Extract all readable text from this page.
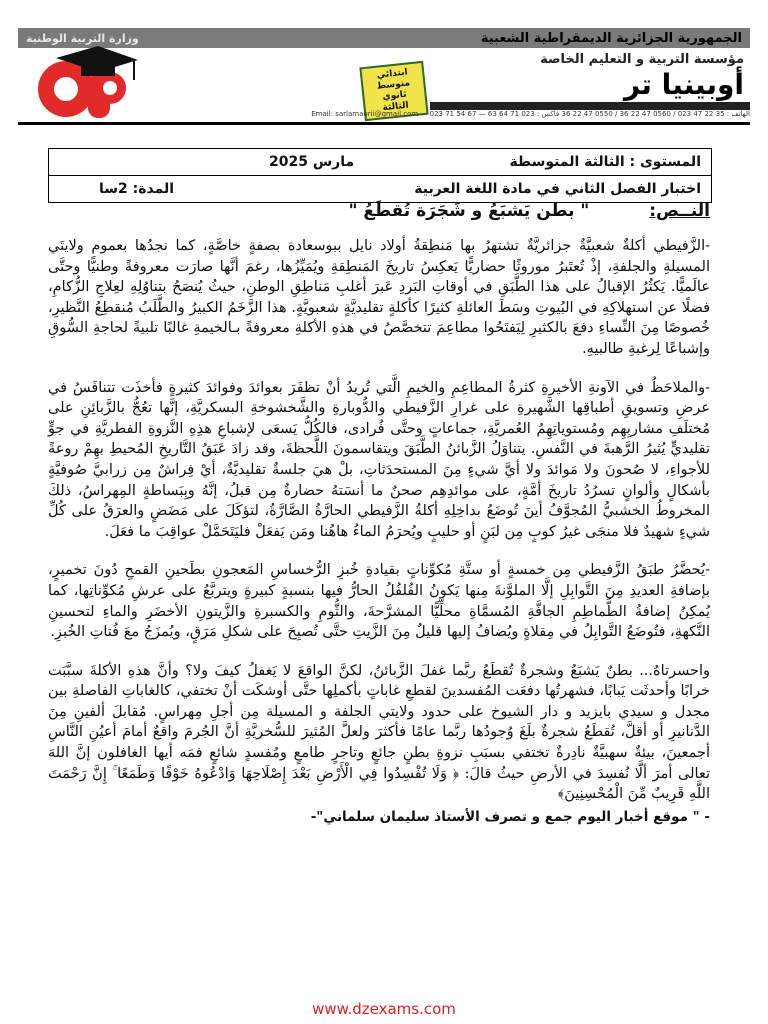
وزارة التربية الوطنية	الجمهورية الجزائرية الديمقراطية الشعبية
ابتدائي
متوسط
ثانوي
الثالثة
مؤسسة التربية و التعليم الخاصة
أوبينيا تر
الهاتف : 35 22 47 023 / 0560 47 22 36 / 0550 47 22 36 فاكس : 023 71 64 63 — Email: sarlamaurii@gmail.com — 023 71 54 67
المستوى : الثالثة المتوسطة
مارس 2025
اختبار الفصل الثاني في مادة اللغة العربية
المدة: 2سا
النــص:
" بطن يَشبَعُ و شَجَرَة تُقطَعُ "

-الزَّفيطي أكلةٌ شعبيَّةٌ جزائريَّةٌ تشتهرُ بها مَنطِقةُ أولاد نايل ببوسعادة بصفةٍ خاصَّةٍ، كما نجدُها بعموم ولايتَي المسيلةِ والجلفةِ، إذْ تُعتَبرُ موروثًا حضاريًّا يَعكِسُ تاريخَ المَنطِقةِ ويُمَيِّزُها، رغمَ أنَّها صارَت معروفةً وطنيًّا وحتَّى عالَميًّا. يَكثُرُ الإقبالُ على هذا الطَّبَقِ في أوقاتِ البَردِ عَبرَ أغلبِ مَناطِقِ الوطنِ، حيثُ يُنصَحُ بتناوُلِهِ لعِلاجِ الزُّكامِ، فضلًا عن استهلاكِهِ في البُيوتِ وسَطَ العائلةِ كثيرًا كأكلةٍ تقليديَّةٍ شعبويَّةٍ. هذا الزَّخَمُ الكبيرُ والطَّلَبُ مُنقطِعُ النَّظيرِ، خُصوصًا مِنَ النِّساءِ دفعَ بالكثيرِ لِيَفتَحُوا مطاعِمَ تتخصَّصُ في هذهِ الأكلةِ معروفةً بـالخيمةِ غالبًا تلبيةً لحاجةِ السُّوقِ وإشباعًا لِرغبةِ طالبيهِ.

-والملاحَظُ في الآونةِ الأخيرةِ كثرةُ المطاعِمِ والخيمِ الَّتي تُريدُ أنْ تظفَرَ بعوائدَ وفوائدَ كثيرةٍ فأخذَت تتنافَسُ في عرضِ وتسويقِ أطباقِها الشَّهيرةِ على غرارِ الزَّفيطي والدُّوبارةِ والشَّخشوخةِ البسكريَّةِ، إنَّها تعُجُّ بالزَّبائِنِ على مُختلَفِ مشاربِهِم ومُستوياتِهِمُ العُمريَّةِ، جماعاتٍ وحتَّى فُرادى، فالكُلُّ يَسعَى لإشباعِ هذِهِ النَّزوةِ الفطريَّةِ في جوٍّ تقليديٍّ يُثيرُ الرَّهبةَ في النَّفسِ. يتناوَلُ الزَّبائنُ الطَّبَقَ ويتقاسمونَ اللَّحظةَ، وقد زادَ عَبَقُ التَّاريخِ المُحيطِ بهِمْ روعةً للأجواءِ، لا صُحونَ ولا مَوائدَ ولا أيَّ شيءٍ مِنَ المستحدَثاتِ، بلْ هيَ جلسةٌ تقليديَّةٌ، أيْ فِراشٌ مِن زرابيَّ صُوفيَّةٍ بأشكالٍ وألوانٍ تسرُدُ تاريخَ أمَّةٍ، على موائدِهِم صحنٌ ما أنسَتهُ حضارةٌ مِن قبلُ، إنَّهُ وبِبَساطةٍ المِهراسُ، ذلكَ المخروطُ الخشبيُّ المُجوَّفُ أينَ تُوضَعُ بداخِلِهِ أكلةُ الزَّفيطي الحارَّةُ الصَّارَّةُ، لتؤكَلَ على مَضَضٍ والعرَقُ على كُلِّ شيءٍ شهيدٌ فلا منجَى غيرُ كوبٍ مِن لبَنٍ أو حليبٍ ويُحرَمُ الماءُ هاهُنا ومَن يَفعَلْ فليَتَحَمَّلْ عواقِبَ ما فعَلَ.

-يُحضَّرُ طبَقُ الزَّفيطي مِن خمسةٍ أو ستَّةِ مُكوِّناتٍ بقيادةِ خُبزِ الرُّخساسِ المَعجونِ بطَحينِ القمحِ دُونَ تخميرٍ، بإضافةِ العديدِ مِنَ التَّوابِلِ إلَّا الملوَّنةَ مِنها يَكونُ الفُلفُلُ الحارُّ فيها بنسبةٍ كبيرةٍ ويتربَّعُ على عرشِ مُكوِّناتِها، كما يُمكِنُ إضافةُ الطَّماطِمِ الجافَّةِ المُسمَّاةِ محلِّيًّا المشرَّحةَ، والثُّومِ والكسبرةِ والزَّيتونِ الأخضَرِ والماءِ لتحسينِ النَّكهةِ، فتُوضَعُ التَّوابِلُ في مِقلاةٍ ويُضافُ إليها قليلٌ مِنَ الزَّيتِ حتَّى تُصبِحَ على شكلِ مَرَقٍ، ويُمزَجُ معَ فُتاتِ الخُبزِ.

واحسرتاهُ... بطنٌ يَشبَعُ وشجرةٌ تُقطَعُ ربَّما غفلَ الزَّبائنُ، لكنَّ الواقعَ لا يَغفلُ كيفَ ولا؟ وأنَّ هذهِ الأكلةَ سبَّبَت خرابًا وأحدثَت يَبابًا، فشهرتُها دفعَت المُفسدينَ لقطعِ غاباتٍ بأكملِها حتَّى أوشكَت أنْ تختفي، كالغاباتِ الفاصلةِ بين مجدل و سيدي بايزيد و دار الشيوخ على حدود ولايتي الجلفة و المسيلة مِن أجلِ مِهراسٍ. مُقابلَ ألفينِ مِنَ الدَّنانيرِ أو أقلَّ، تُقطَعُ شجرةٌ بلَغَ وُجودُها ربَّما عامًا فأكثرَ ولعلَّ المُثيرَ للسُّخريَّةِ أنَّ الجُرمَ واقعٌ أمامَ أعيُنِ النَّاسِ أجمعينَ، بيئةٌ سهبيَّةٌ نادِرةٌ تختفي بسبَبِ نزوةِ بطنٍ جائعٍ وتاجرٍ طامعٍ ومُفسدٍ شائعٍ فمَه أيها الغافلون إنَّ اللهَ تعالى أمرَ ألَّا نُفسِدَ في الأرضِ حيثُ قالَ: ﴿ وَلَا تُفْسِدُوا فِي الْأَرْضِ بَعْدَ إِصْلَاحِهَا وَادْعُوهُ خَوْفًا وَطَمَعًا ۚ إِنَّ رَحْمَتَ اللَّهِ قَرِيبٌ مِّنَ الْمُحْسِنِينَ﴾

- " موقع أخبار اليوم جمع و تصرف الأستاذ سليمان سلماني"-
www.dzexams.com
